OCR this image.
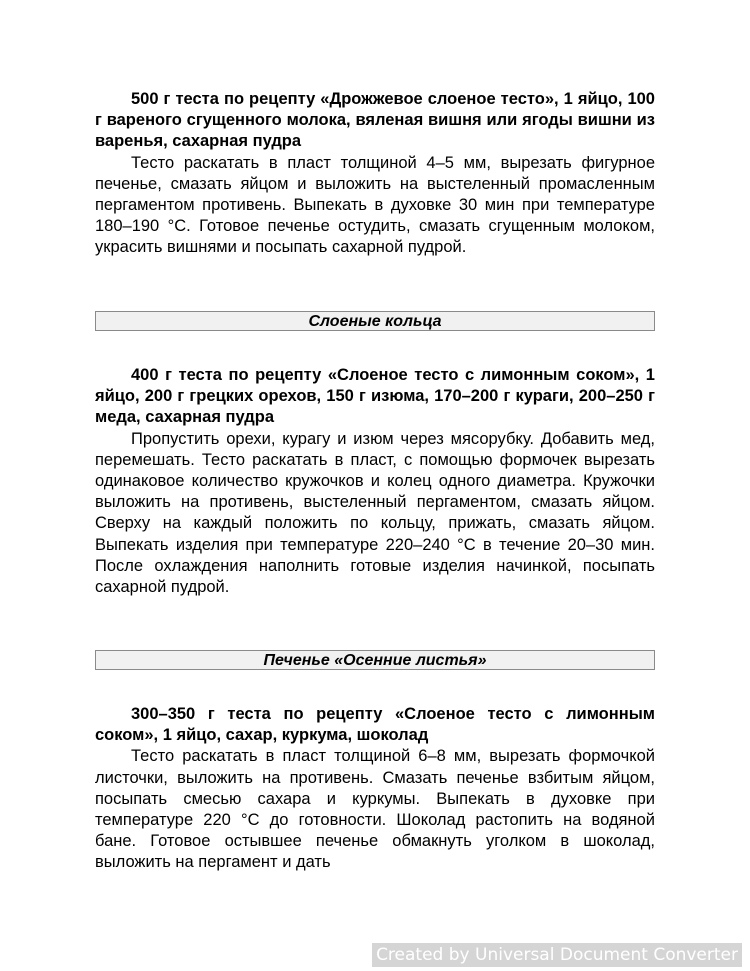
500 г теста по рецепту «Дрожжевое слоеное тесто», 1 яйцо, 100 г вареного сгущенного молока, вяленая вишня или ягоды вишни из варенья, сахарная пудра

Тесто раскатать в пласт толщиной 4–5 мм, вырезать фигурное печенье, смазать яйцом и выложить на выстеленный промасленным пергаментом противень. Выпекать в духовке 30 мин при температуре 180–190 °С. Готовое печенье остудить, смазать сгущенным молоком, украсить вишнями и посыпать сахарной пудрой.

Слоеные кольца

400 г теста по рецепту «Слоеное тесто с лимонным соком», 1 яйцо, 200 г грецких орехов, 150 г изюма, 170–200 г кураги, 200–250 г меда, сахарная пудра

Пропустить орехи, курагу и изюм через мясорубку. Добавить мед, перемешать. Тесто раскатать в пласт, с помощью формочек вырезать одинаковое количество кружочков и колец одного диаметра. Кружочки выложить на противень, выстеленный пергаментом, смазать яйцом. Сверху на каждый положить по кольцу, прижать, смазать яйцом. Выпекать изделия при температуре 220–240 °С в течение 20–30 мин. После охлаждения наполнить готовые изделия начинкой, посыпать сахарной пудрой.

Печенье «Осенние листья»

300–350 г теста по рецепту «Слоеное тесто с лимонным соком», 1 яйцо, сахар, куркума, шоколад

Тесто раскатать в пласт толщиной 6–8 мм, вырезать формочкой листочки, выложить на противень. Смазать печенье взбитым яйцом, посыпать смесью сахара и куркумы. Выпекать в духовке при температуре 220 °С до готовности. Шоколад растопить на водяной бане. Готовое остывшее печенье обмакнуть уголком в шоколад, выложить на пергамент и дать

Created by Universal Document Converter
